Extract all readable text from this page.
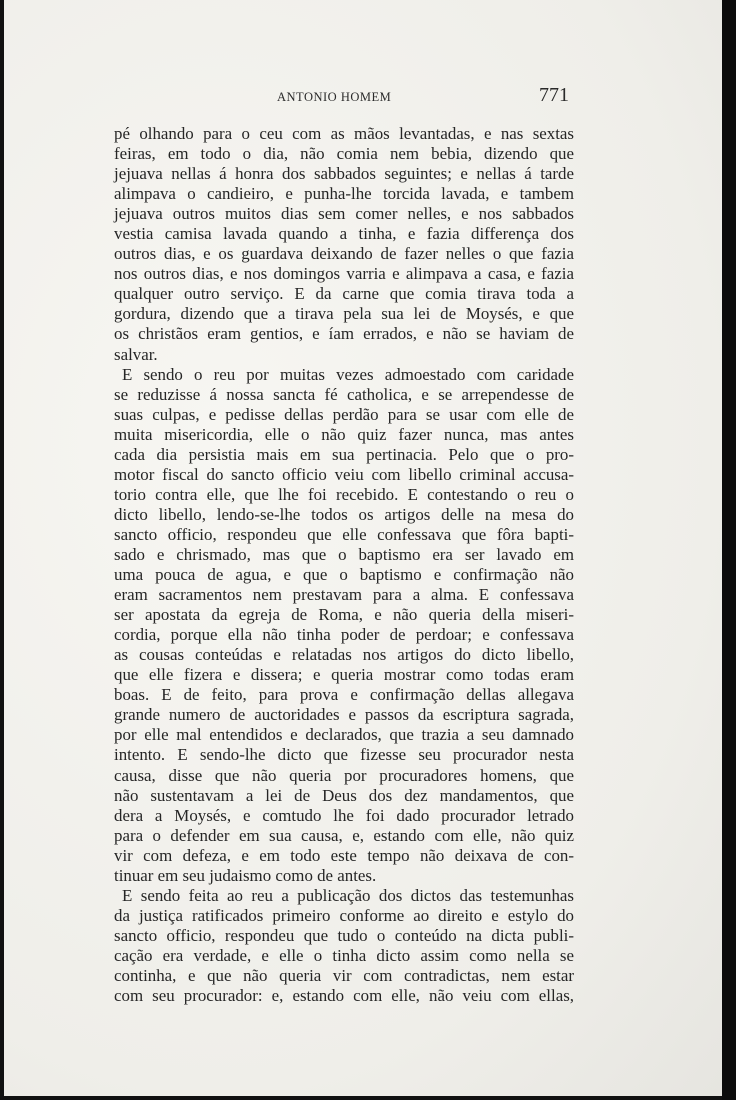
ANTONIO HOMEM	771
pé olhando para o ceu com as mãos levantadas, e nas sextas
feiras, em todo o dia, não comia nem bebia, dizendo que
jejuava nellas á honra dos sabbados seguintes; e nellas á tarde
alimpava o candieiro, e punha-lhe torcida lavada, e tambem
jejuava outros muitos dias sem comer nelles, e nos sabbados
vestia camisa lavada quando a tinha, e fazia differença dos
outros dias, e os guardava deixando de fazer nelles o que fazia
nos outros dias, e nos domingos varria e alimpava a casa, e fazia
qualquer outro serviço. E da carne que comia tirava toda a
gordura, dizendo que a tirava pela sua lei de Moysés, e que
os christãos eram gentios, e íam errados, e não se haviam de
salvar.
E sendo o reu por muitas vezes admoestado com caridade
se reduzisse á nossa sancta fé catholica, e se arrependesse de
suas culpas, e pedisse dellas perdão para se usar com elle de
muita misericordia, elle o não quiz fazer nunca, mas antes
cada dia persistia mais em sua pertinacia. Pelo que o pro-
motor fiscal do sancto officio veiu com libello criminal accusa-
torio contra elle, que lhe foi recebido. E contestando o reu o
dicto libello, lendo-se-lhe todos os artigos delle na mesa do
sancto officio, respondeu que elle confessava que fôra bapti-
sado e chrismado, mas que o baptismo era ser lavado em
uma pouca de agua, e que o baptismo e confirmação não
eram sacramentos nem prestavam para a alma. E confessava
ser apostata da egreja de Roma, e não queria della miseri-
cordia, porque ella não tinha poder de perdoar; e confessava
as cousas conteúdas e relatadas nos artigos do dicto libello,
que elle fizera e dissera; e queria mostrar como todas eram
boas. E de feito, para prova e confirmação dellas allegava
grande numero de auctoridades e passos da escriptura sagrada,
por elle mal entendidos e declarados, que trazia a seu damnado
intento. E sendo-lhe dicto que fizesse seu procurador nesta
causa, disse que não queria por procuradores homens, que
não sustentavam a lei de Deus dos dez mandamentos, que
dera a Moysés, e comtudo lhe foi dado procurador letrado
para o defender em sua causa, e, estando com elle, não quiz
vir com defeza, e em todo este tempo não deixava de con-
tinuar em seu judaismo como de antes.
E sendo feita ao reu a publicação dos dictos das testemunhas
da justiça ratificados primeiro conforme ao direito e estylo do
sancto officio, respondeu que tudo o conteúdo na dicta publi-
cação era verdade, e elle o tinha dicto assim como nella se
continha, e que não queria vir com contradictas, nem estar
com seu procurador: e, estando com elle, não veiu com ellas,
